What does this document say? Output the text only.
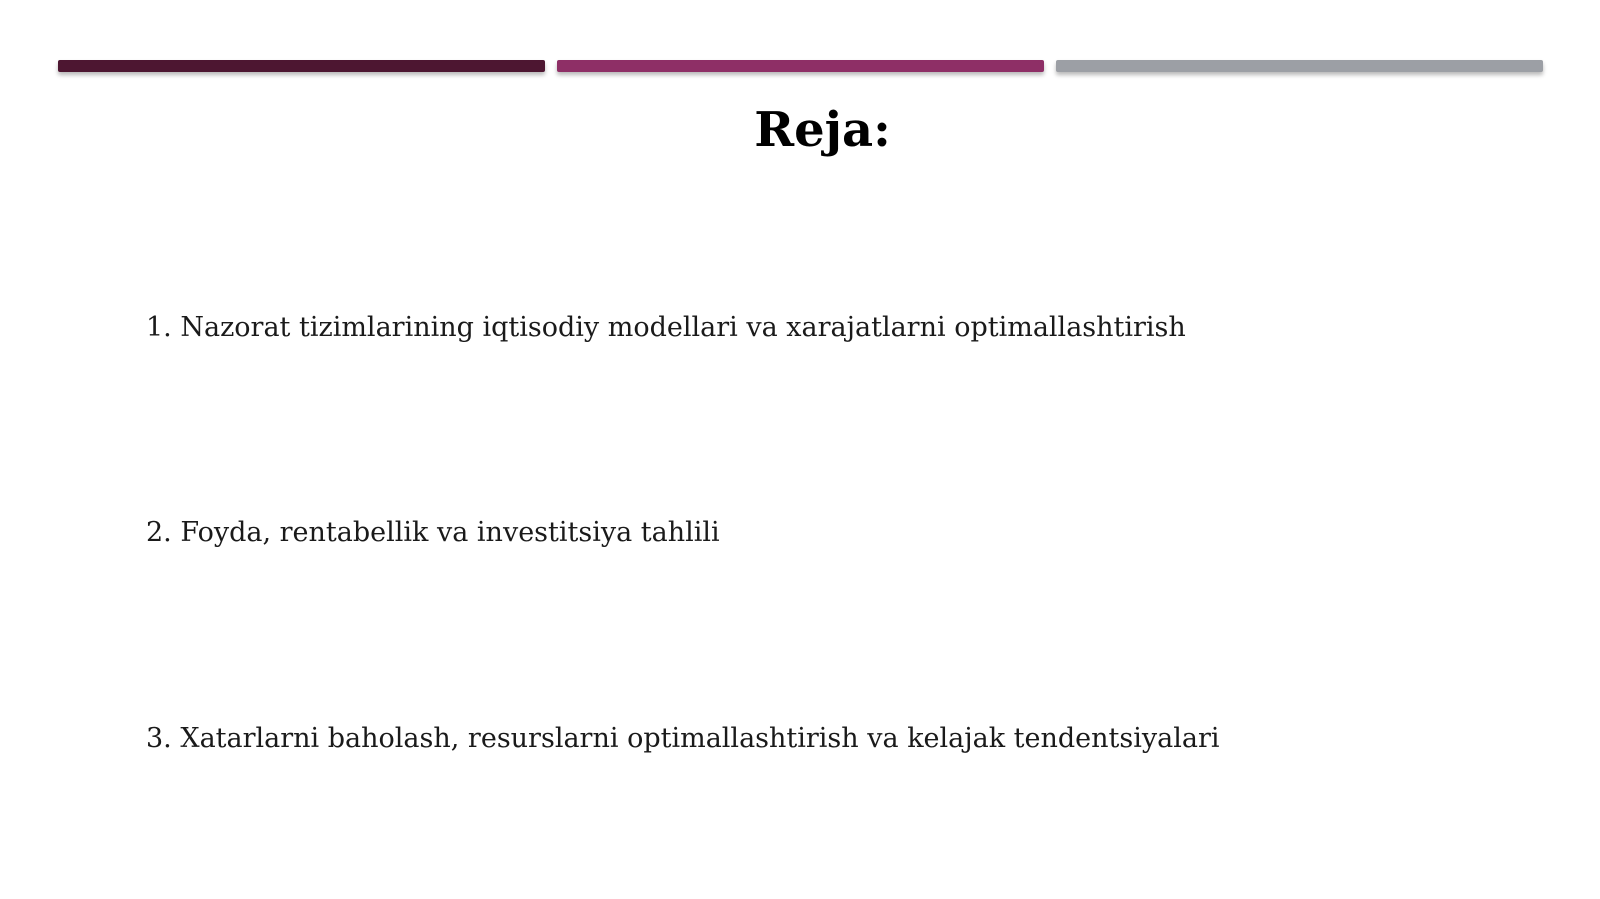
Reja:

1. Nazorat tizimlarining iqtisodiy modellari va xarajatlarni optimallashtirish

2. Foyda, rentabellik va investitsiya tahlili

3. Xatarlarni baholash, resurslarni optimallashtirish va kelajak tendentsiyalari
